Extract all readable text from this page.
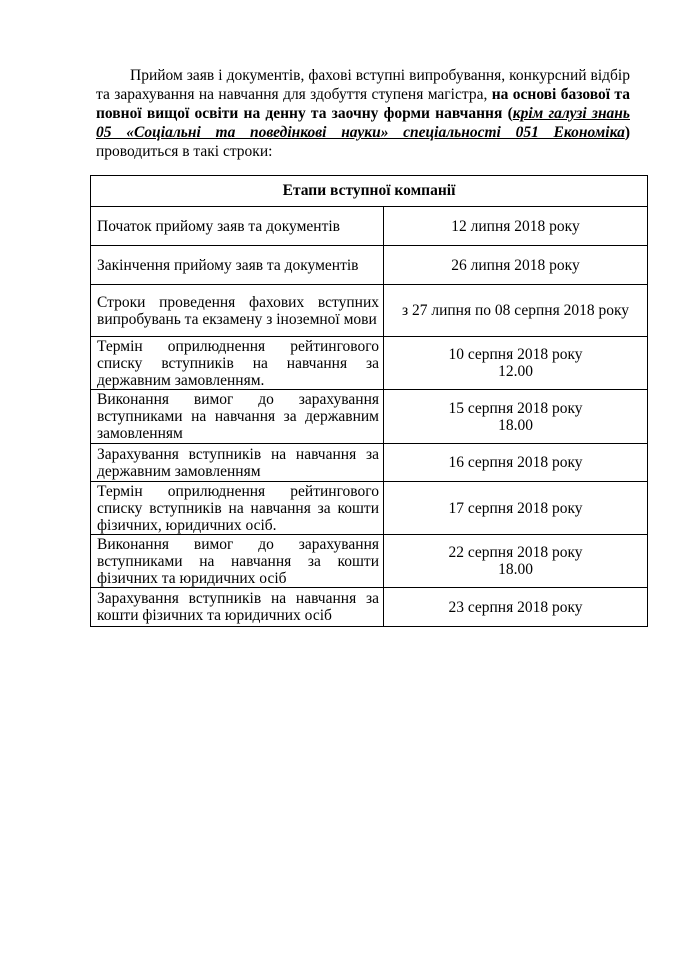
Прийом заяв і документів, фахові вступні випробування, конкурсний відбір та зарахування на навчання для здобуття ступеня магістра, на основі базової та повної вищої освіти на денну та заочну форми навчання (крім галузі знань 05 «Соціальні та поведінкові науки» спеціальності 051 Економіка) проводиться в такі строки:
Етапи вступної компанії	
Початок прийому заяв та документів	12 липня 2018 року

Закінчення прийому заяв та документів	26 липня 2018 року

Строки проведення фахових вступних випробувань та екзамену з іноземної мови	з 27 липня по 08 серпня 2018 року

Термін оприлюднення рейтингового списку вступників на навчання за державним замовленням.	10 серпня 2018 року
12.00

Виконання вимог до зарахування вступниками на навчання за державним замовленням	15 серпня 2018 року
18.00

Зарахування вступників на навчання за державним замовленням	16 серпня 2018 року

Термін оприлюднення рейтингового списку вступників на навчання за кошти фізичних, юридичних осіб.	17 серпня 2018 року

Виконання вимог до зарахування вступниками на навчання за кошти фізичних та юридичних осіб	22 серпня 2018 року
18.00

Зарахування вступників на навчання за кошти фізичних та юридичних осіб	23 серпня 2018 року
